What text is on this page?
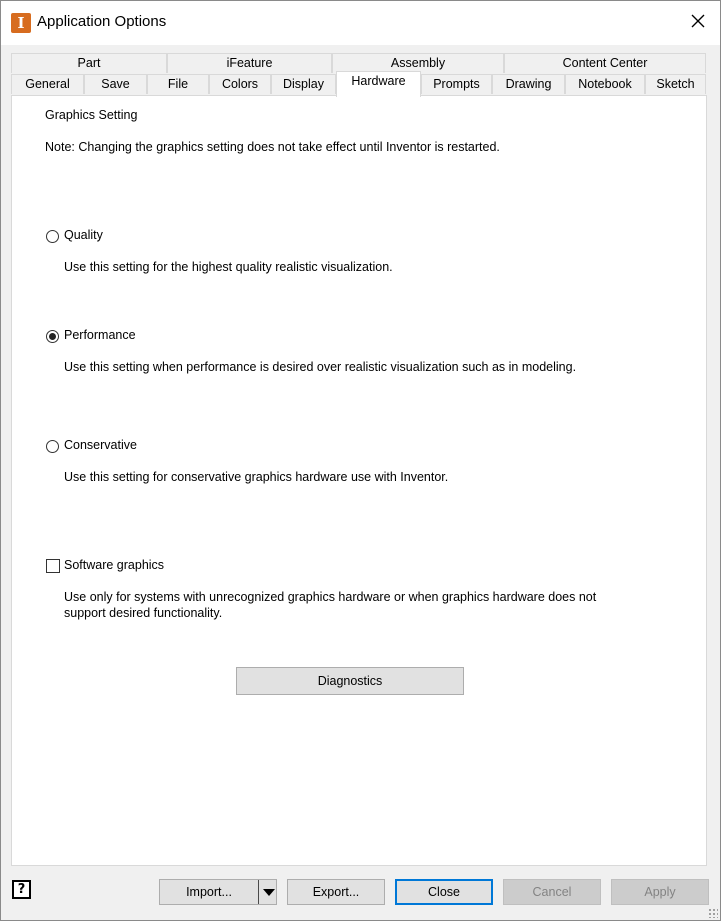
I Application Options
Part	iFeature	Assembly	Content Center
General	Save	File	Colors	Display	Hardware	Prompts	Drawing	Notebook	Sketch
Graphics Setting
Note: Changing the graphics setting does not take effect until Inventor is restarted.
Quality
Use this setting for the highest quality realistic visualization.
Performance
Use this setting when performance is desired over realistic visualization such as in modeling.
Conservative
Use this setting for conservative graphics hardware use with Inventor.
Software graphics
Use only for systems with unrecognized graphics hardware or when graphics hardware does not
support desired functionality.
Diagnostics
?	Import...	Export...	Close	Cancel	Apply
